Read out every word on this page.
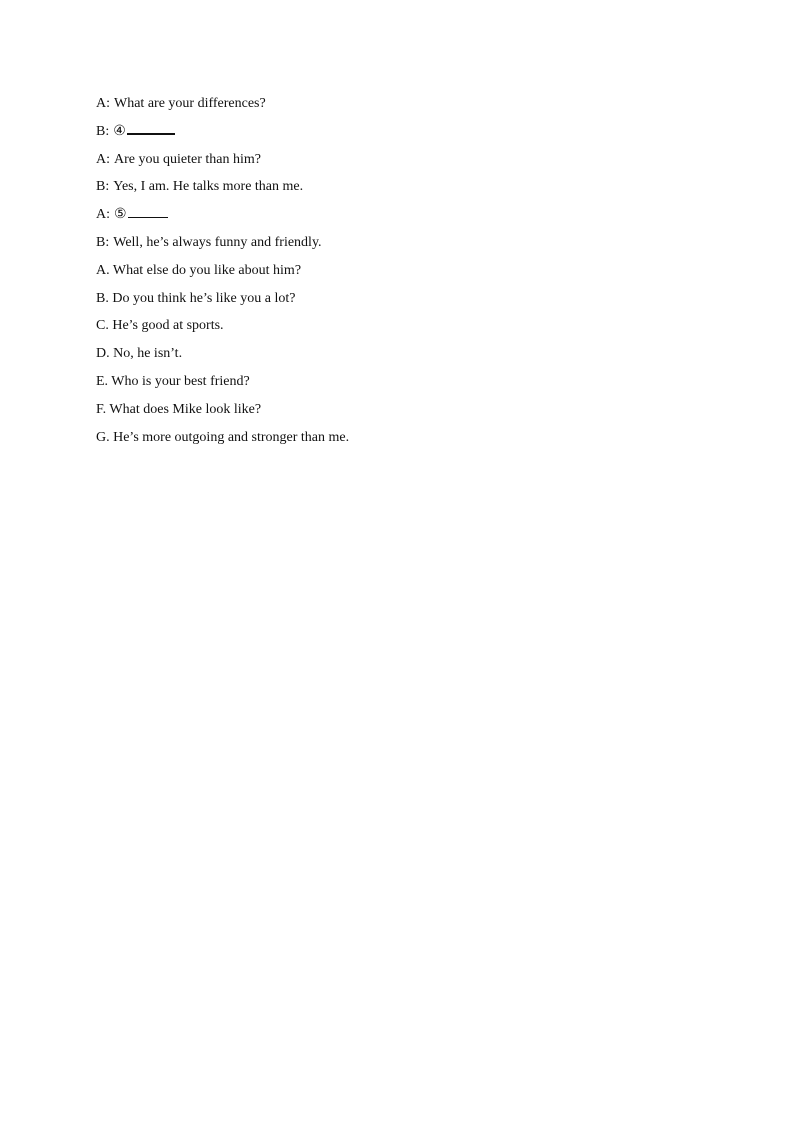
A: What are your differences?

B: ④

A: Are you quieter than him?

B: Yes, I am. He talks more than me.

A: ⑤

B: Well, he’s always funny and friendly.

A. What else do you like about him?

B. Do you think he’s like you a lot?

C. He’s good at sports.

D. No, he isn’t.

E. Who is your best friend?

F. What does Mike look like?

G. He’s more outgoing and stronger than me.
